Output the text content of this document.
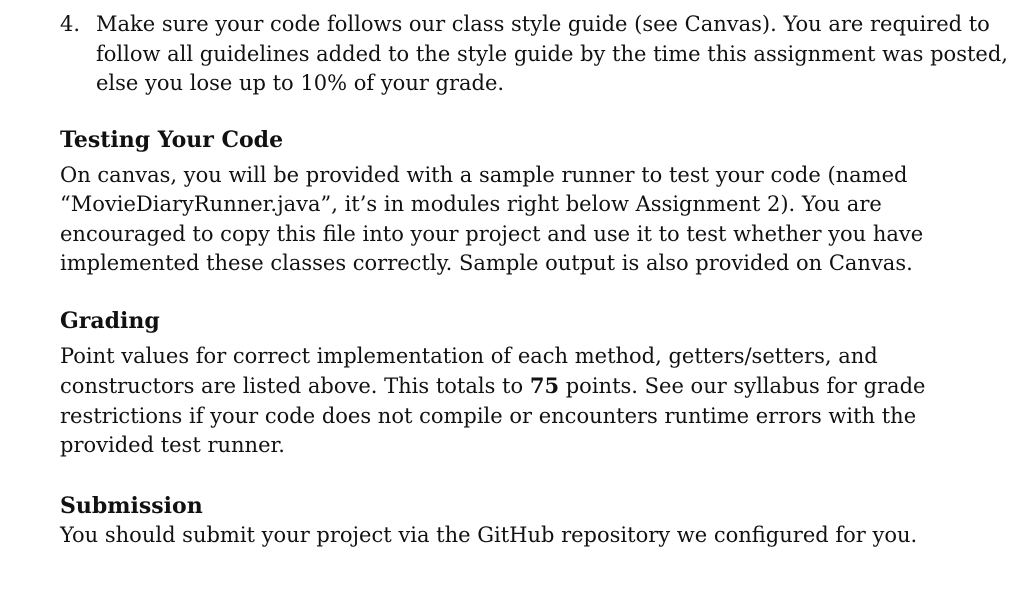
4. Make sure your code follows our class style guide (see Canvas). You are required to follow all guidelines added to the style guide by the time this assignment was posted, else you lose up to 10% of your grade.
Testing Your Code
On canvas, you will be provided with a sample runner to test your code (named “MovieDiaryRunner.java”, it’s in modules right below Assignment 2). You are encouraged to copy this file into your project and use it to test whether you have implemented these classes correctly. Sample output is also provided on Canvas.
Grading
Point values for correct implementation of each method, getters/setters, and constructors are listed above. This totals to 75 points. See our syllabus for grade restrictions if your code does not compile or encounters runtime errors with the provided test runner.
Submission
You should submit your project via the GitHub repository we configured for you.
